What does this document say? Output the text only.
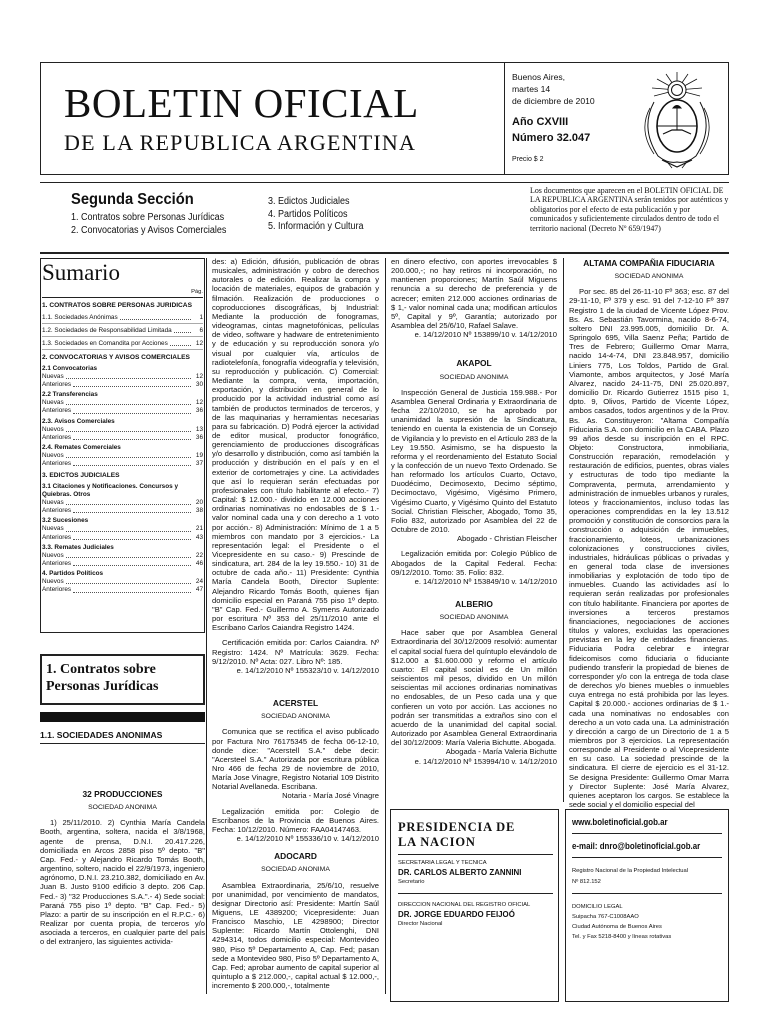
BOLETIN OFICIAL
DE LA REPUBLICA ARGENTINA
Buenos Aires,
martes 14
de diciembre de 2010
Año CXVIII
Número 32.047
Precio $ 2
Segunda Sección
1. Contratos sobre Personas Jurídicas
2. Convocatorias y Avisos Comerciales
3. Edictos Judiciales
4. Partidos Políticos
5. Información y Cultura
Los documentos que aparecen en el BOLETIN OFICIAL DE LA REPUBLICA ARGENTINA serán tenidos por auténticos y obligatorios por el efecto de esta publicación y por comunicados y suficientemente circulados dentro de todo el territorio nacional (Decreto Nº 659/1947)
Sumario
Pág.
1. CONTRATOS SOBRE PERSONAS JURIDICAS
1.1. Sociedades Anónimas	1
1.2. Sociedades de Responsabilidad Limitada	6
1.3. Sociedades en Comandita por Acciones	12
2. CONVOCATORIAS Y AVISOS COMERCIALES
2.1 Convocatorias
Nuevas	12
Anteriores	30
2.2 Transferencias
Nuevas	12
Anteriores	36
2.3. Avisos Comerciales
Nuevos	13
Anteriores	36
2.4. Remates Comerciales
Nuevos	19
Anteriores	37
3. EDICTOS JUDICIALES
3.1 Citaciones y Notificaciones. Concursos y Quiebras. Otros
Nuevas	20
Anteriores	38
3.2 Sucesiones
Nuevas	21
Anteriores	43
3.3. Remates Judiciales
Nuevos	22
Anteriores	46
4. Partidos Políticos
Nuevos	24
Anteriores	47
1. Contratos sobre Personas Jurídicas
1.1. SOCIEDADES ANONIMAS
32 PRODUCCIONES
SOCIEDAD ANONIMA

1) 25/11/2010. 2) Cynthia María Candela Booth, argentina, soltera, nacida el 3/8/1968, agente de prensa, D.N.I. 20.417.226, domiciliada en Arcos 2858 piso 5º depto. "B" Cap. Fed.- y Alejandro Ricardo Tomás Booth, argentino, soltero, nacido el 22/9/1973, ingeniero agrónomo, D.N.I. 23.210.382, domiciliado en Av. Juan B. Justo 9100 edificio 3 depto. 206 Cap. Fed.- 3) "32 Producciones S.A.".- 4) Sede social: Paraná 755 piso 1º depto. "B" Cap. Fed.- 5) Plazo: a partir de su inscripción en el R.P.C.- 6) Realizar por cuenta propia, de terceros y/o asociada a terceros, en cualquier parte del país o del extranjero, las siguientes activida-

des: a) Edición, difusión, publicación de obras musicales, administración y cobro de derechos autorales o de edición. Realizar la compra y locación de materiales, equipos de grabación y filmación. Realización de producciones o coproducciones discográficas, bj Industrial: Mediante la producción de fonogramas, videogramas, cintas magnetofónicas, películas de video, software y hadware de entretenimiento y de educación y su reproducción sonora y/o visual por cualquier vía, artículos de radiotelefonía, fonografía videografía y televisión, su reproducción y publicación. C) Comercial: Mediante la compra, venta, importación, exportación, y distribución en general de lo producido por la actividad industrial como así también de productos terminados de terceros, y de las maquinarias y herramientas necesarias para su fabricación. D) Podrá ejercer la actividad de editor musical, productor fonográfico, gerenciamiento de producciones discográficas y/o desarrollo y distribución, como así también la producción y distribución en el país y en el exterior de cortometrajes y cine. La actividades que así lo requieran serán efectuadas por profesionales con título habilitante al efecto.- 7) Capital: $ 12.000.- dividido en 12.000 acciones ordinarias nominativas no endosables de $ 1.- valor nominal cada una y con derecho a 1 voto por acción.- 8) Administración: Mínimo de 1 a 5 miembros con mandato por 3 ejercicios.- La representación legal: el Presidente o el Vicepresidente en su caso.- 9) Prescinde de sindicatura, art. 284 de la ley 19.550.- 10) 31 de octubre de cada año.- 11) Presidente: Cynthia María Candela Booth, Director Suplente: Alejandro Ricardo Tomás Booth, quienes fijan domicilio especial en Paraná 755 piso 1º depto. "B" Cap. Fed.- Guillermo A. Symens Autorizado por escritura Nº 353 del 25/11/2010 ante el Escribano Carlos Caiandra Registro 1424.

Certificación emitida por: Carlos Caiandra. Nº Registro: 1424. Nº Matrícula: 3629. Fecha: 9/12/2010. Nº Acta: 027. Libro Nº: 185.

e. 14/12/2010 Nº 155323/10 v. 14/12/2010

ACERSTEL
SOCIEDAD ANONIMA

Comunica que se rectifica el aviso publicado por Factura Nro 76175345 de fecha 06-12-10, donde dice: "Acerstell S.A." debe decir: "Acersteel S.A." Autorizada por escritura pública Nro 466 de fecha 29 de noviembre de 2010, María Jose Vinagre, Registro Notarial 109 Distrito Notarial Avellaneda. Escribana.

Notaria - María José Vinagre

Legalización emitida por: Colegio de Escribanos de la Provincia de Buenos Aires. Fecha: 10/12/2010. Número: FAA04147463.

e. 14/12/2010 Nº 155336/10 v. 14/12/2010

ADOCARD
SOCIEDAD ANONIMA

Asamblea Extraordinaria, 25/6/10, resuelve por unanimidad, por vencimiento de mandatos, designar Directorio así: Presidente: Martín Saúl Miguens, LE 4389200; Vicepresidente: Juan Francisco Maschio, LE 4298900; Director Suplente: Ricardo Martín Ottolenghi, DNI 4294314, todos domicilio especial: Montevideo 980, Piso 5º Departamento A, Cap. Fed; pasan sede a Montevideo 980, Piso 5º Departamento A, Cap. Fed; aprobar aumento de capital superior al quintuplo a $ 212.000,-, capital actual $ 12.000,-, incremento $ 200.000,-, totalmente

en dinero efectivo, con aportes irrevocables $ 200.000,-; no hay retiros ni incorporación, no mantienen proporciones; Martín Saúl Miguens renuncia a su derecho de preferencia y de acrecer; emiten 212.000 acciones ordinarias de $ 1,- valor nominal cada una; modifican artículos 5º, Capital y 9º, Garantía; autorizado por Asamblea del 25/6/10, Rafael Salave.

e. 14/12/2010 Nº 153899/10 v. 14/12/2010

AKAPOL
SOCIEDAD ANONIMA

Inspección General de Justicia 159.988.- Por Asamblea General Ordinaria y Extraordinaria de fecha 22/10/2010, se ha aprobado por unanimidad la supresión de la Sindicatura, teniendo en cuenta la existencia de un Consejo de Vigilancia y lo previsto en el Artículo 283 de la Ley 19.550. Asimismo, se ha dispuesto la reforma y el reordenamiento del Estatuto Social y la confección de un nuevo Texto Ordenado. Se han reformado los artículos Cuarto, Octavo, Duodécimo, Decimosexto, Decimo séptimo, Decimoctavo, Vigésimo, Vigésimo Primero, Vigésimo Cuarto, y Vigésimo Quinto del Estatuto Social. Christian Fleischer, Abogado, Tomo 35, Folio 832, autorizado por Asamblea del 22 de Octubre de 2010.

Abogado - Christian Fleischer

Legalización emitida por: Colegio Público de Abogados de la Capital Federal. Fecha: 09/12/2010. Tomo: 35. Folio: 832.

e. 14/12/2010 Nº 153849/10 v. 14/12/2010

ALBERIO
SOCIEDAD ANONIMA

Hace saber que por Asamblea General Extraordinaria del 30/12/2009 resolvió: aumentar el capital social fuera del quíntuplo elevándolo de $12.000 a $1.600.000 y reformo el artículo cuarto: El capital social es de Un millón seiscientos mil pesos, dividido en Un millón seiscientas mil acciones ordinarias nominativas no endosables, de un Peso cada una y que confieren un voto por acción. Las acciones no podrán ser transmitidas a extraños sino con el acuerdo de la unanimidad del capital social. Autorizado por Asamblea General Extraordinaria del 30/12/2009: María Valeria Bichutte. Abogada.

Abogada - María Valeria Bichutte

e. 14/12/2010 Nº 153994/10 v. 14/12/2010

ALTAMA COMPAÑIA FIDUCIARIA
SOCIEDAD ANONIMA

Por sec. 85 del 26-11-10 Fº 363; esc. 87 del 29-11-10, Fº 379 y esc. 91 del 7-12-10 Fº 397 Registro 1 de la ciudad de Vicente López Prov. Bs. As. Sebastián Tavormina, nacido 8-6-74, soltero DNI 23.995.005, domicilio Dr. A. Springolo 695, Villa Saenz Peña; Partido de Tres de Febrero; Guillermo Omar Marra, nacido 14-4-74, DNI 23.848.957, domicilio Liniers 775, Los Toldos, Partido de Gral. Viamonte, ambos arquitectos, y José María Alvarez, nacido 24-11-75, DNI 25.020.897, domicilio Dr. Ricardo Gutierrez 1515 piso 1, dpto. 9, Olivos, Partido de Vicente López, ambos casados, todos argentinos y de la Prov. Bs. As. Constituyeron: "Altama Compañía Fiduciaria S.A. con domicilio en la CABA. Plazo 99 años desde su inscripción en el RPC. Objeto: Constructora, inmobiliaria, Construcción reparación, remodelación y restauración de edificios, puentes, obras viales y estructuras de todo tipo mediante la Compraventa, permuta, arrendamiento y administración de inmuebles urbanos y rurales, loteos y fraccionamientos, incluso todas las operaciones comprendidas en la ley 13.512 promoción y constitución de consorcios para la construcción o adquisición de inmuebles, fraccionamiento, loteos, urbanizaciones colonizaciones y construcciones civiles, industriales, hidráulicas públicas o privadas y en general toda clase de inversiones inmobiliarias y explotación de todo tipo de inmuebles. Cuando las actividades así lo requieran serán realizadas por profesionales con título habilitante. Financiera por aportes de inversiones a terceros prestamos financiaciones, negociaciones de acciones títulos y valores, excluidas las operaciones previstas en la ley de entidades financieras. Fiduciaria Podra celebrar e integrar fideicomisos como fiduciaria o fiduciante pudiendo transferir la propiedad de bienes de corresponder y/o con la entrega de toda clase de derechos y/o bienes muebles o inmuebles cuya entrega no está prohibida por las leyes. Capital $ 20.000.- acciones ordinarias de $ 1.- cada una nominativas no endosables con derecho a un voto cada una. La administración y dirección a cargo de un Directorio de 1 a 5 miembros por 3 ejercicios. La representación corresponde al Presidente o al Vicepresidente en su caso. La sociedad prescinde de la sindicatura. El cierre de ejercicio es el 31-12. Se designa Presidente: Guillermo Omar Marra y Director Suplente: José María Alvarez, quienes aceptaron los cargos. Se establece la sede social y el domicilio especial del

PRESIDENCIA DE LA NACION
SECRETARIA LEGAL Y TECNICA
DR. CARLOS ALBERTO ZANNINI
Secretario
DIRECCION NACIONAL DEL REGISTRO OFICIAL
DR. JORGE EDUARDO FEIJOÓ
Director Nacional
www.boletinoficial.gob.ar
e-mail: dnro@boletinoficial.gob.ar
Registro Nacional de la Propiedad Intelectual
Nº 812.152
DOMICILIO LEGAL
Suipacha 767-C1008AAO
Ciudad Autónoma de Buenos Aires
Tel. y Fax 5218-8400 y líneas rotativas
